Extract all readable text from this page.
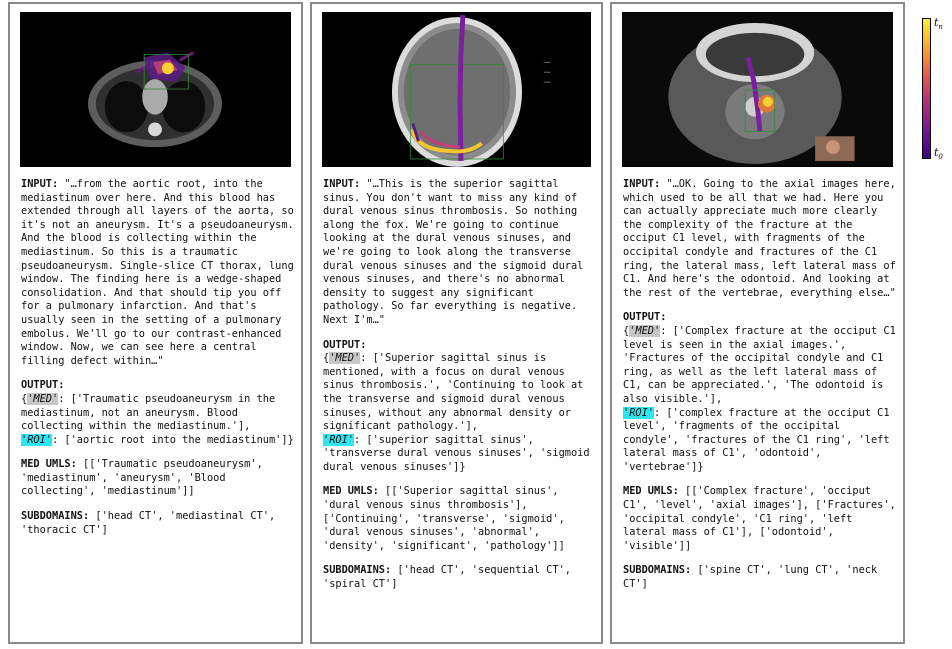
INPUT: "…from the aortic root, into the mediastinum over here. And this blood has extended through all layers of the aorta, so it's not an aneurysm. It's a pseudoaneurysm. And the blood is collecting within the mediastinum. So this is a traumatic pseudoaneurysm. Single-slice CT thorax, lung window. The finding here is a wedge-shaped consolidation. And that should tip you off for a pulmonary infarction. And that's usually seen in the setting of a pulmonary embolus. We'll go to our contrast-enhanced window. Now, we can see here a central filling defect within…"

OUTPUT:
{'MED': ['Traumatic pseudoaneurysm in the mediastinum, not an aneurysm. Blood collecting within the mediastinum.'],
'ROI': ['aortic root into the mediastinum']}

MED UMLS: [['Traumatic pseudoaneurysm', 'mediastinum', 'aneurysm', 'Blood collecting', 'mediastinum']]

SUBDOMAINS: ['head CT', 'mediastinal CT', 'thoracic CT']

INPUT: "…This is the superior sagittal sinus. You don't want to miss any kind of dural venous sinus thrombosis. So nothing along the fox. We're going to continue looking at the dural venous sinuses, and we're going to look along the transverse dural venous sinuses and the sigmoid dural venous sinuses, and there's no abnormal density to suggest any significant pathology. So far everything is negative. Next I'm…"

OUTPUT:
{'MED': ['Superior sagittal sinus is mentioned, with a focus on dural venous sinus thrombosis.', 'Continuing to look at the transverse and sigmoid dural venous sinuses, without any abnormal density or significant pathology.'],
'ROI': ['superior sagittal sinus', 'transverse dural venous sinuses', 'sigmoid dural venous sinuses']}

MED UMLS: [['Superior sagittal sinus', 'dural venous sinus thrombosis'], ['Continuing', 'transverse', 'sigmoid', 'dural venous sinuses', 'abnormal', 'density', 'significant', 'pathology']]

SUBDOMAINS: ['head CT', 'sequential CT', 'spiral CT']

INPUT: "…OK. Going to the axial images here, which used to be all that we had. Here you can actually appreciate much more clearly the complexity of the fracture at the occiput C1 level, with fragments of the occipital condyle and fractures of the C1 ring, the lateral mass, left lateral mass of C1. And here's the odontoid. And looking at the rest of the vertebrae, everything else…"

OUTPUT:
{'MED': ['Complex fracture at the occiput C1 level is seen in the axial images.', 'Fractures of the occipital condyle and C1 ring, as well as the left lateral mass of C1, can be appreciated.', 'The odontoid is also visible.'],
'ROI': ['complex fracture at the occiput C1 level', 'fragments of the occipital condyle', 'fractures of the C1 ring', 'left lateral mass of C1', 'odontoid', 'vertebrae']}

MED UMLS: [['Complex fracture', 'occiput C1', 'level', 'axial images'], ['Fractures', 'occipital condyle', 'C1 ring', 'left lateral mass of C1'], ['odontoid', 'visible']]

SUBDOMAINS: ['spine CT', 'lung CT', 'neck CT']

$t_n$
$t_0$
